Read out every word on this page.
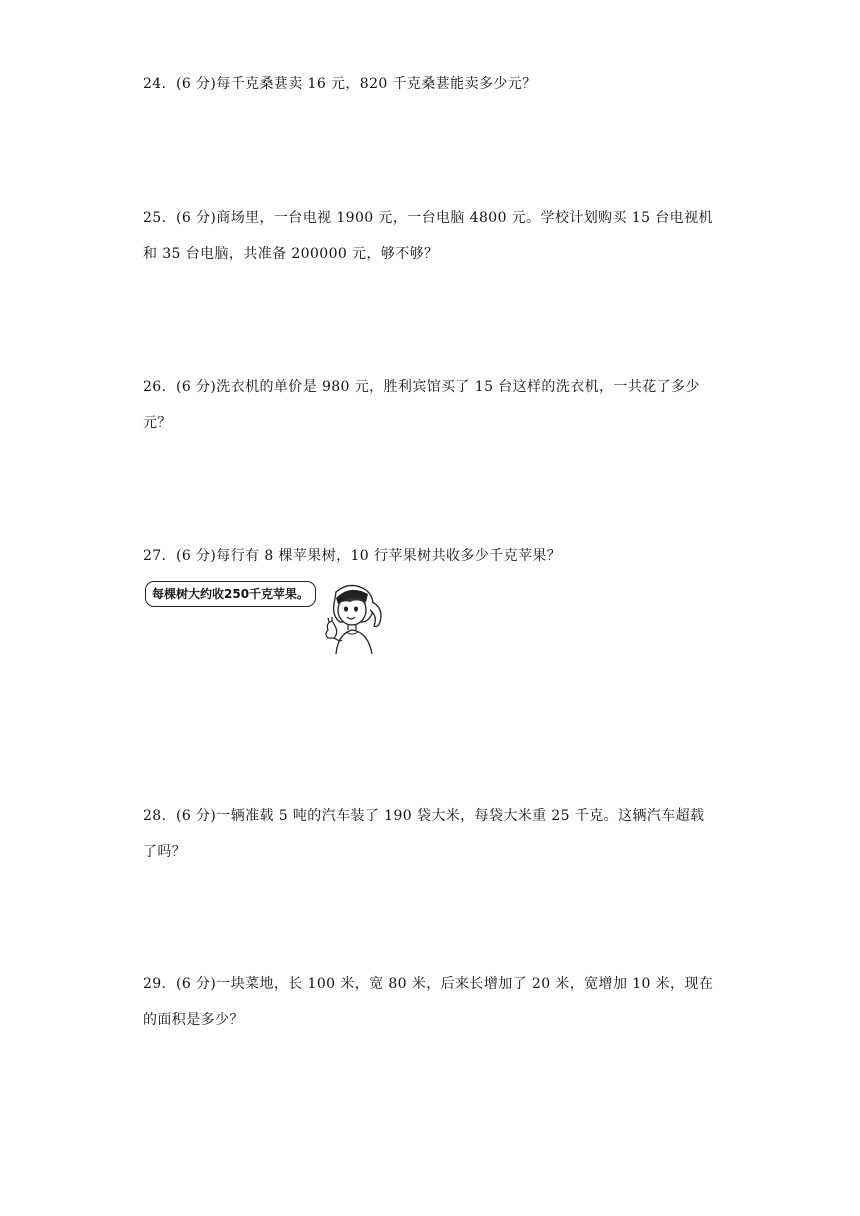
24．(6 分)每千克桑葚卖 16 元，820 千克桑葚能卖多少元？

25．(6 分)商场里，一台电视 1900 元，一台电脑 4800 元。学校计划购买 15 台电视机

和 35 台电脑，共准备 200000 元，够不够？

26．(6 分)洗衣机的单价是 980 元，胜利宾馆买了 15 台这样的洗衣机，一共花了多少

元？

27．(6 分)每行有 8 棵苹果树，10 行苹果树共收多少千克苹果？

每棵树大约收250千克苹果。

28．(6 分)一辆准载 5 吨的汽车装了 190 袋大米，每袋大米重 25 千克。这辆汽车超载

了吗？

29．(6 分)一块菜地，长 100 米，宽 80 米，后来长增加了 20 米，宽增加 10 米，现在

的面积是多少？
